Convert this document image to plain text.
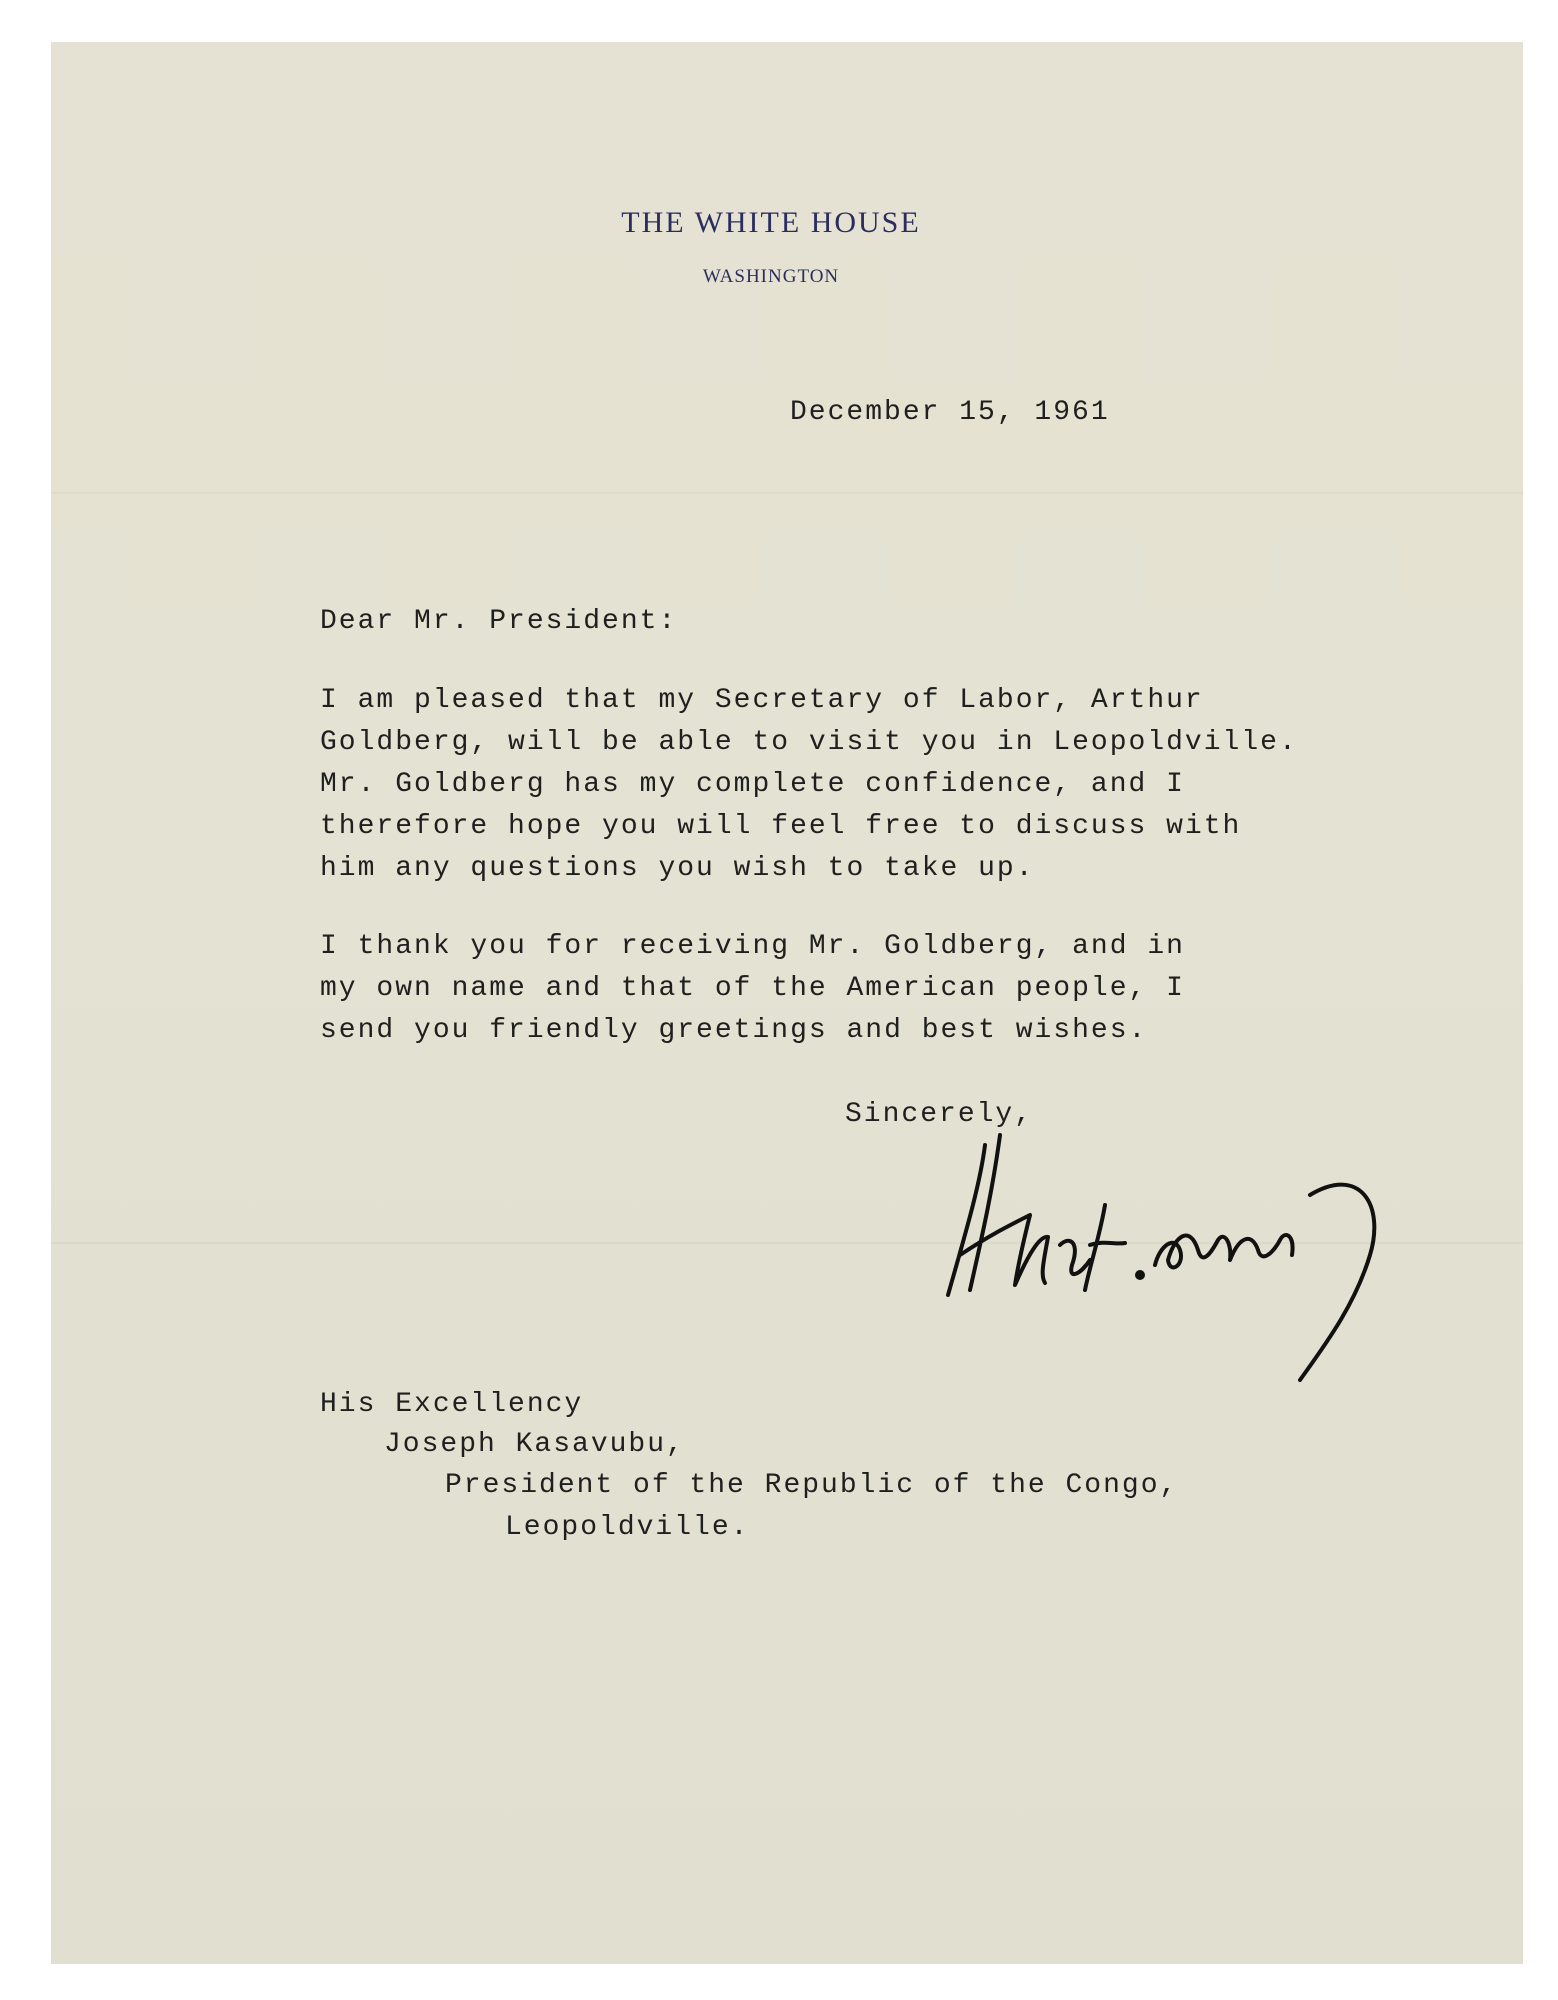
THE WHITE HOUSE
WASHINGTON
December 15, 1961
Dear Mr. President:
I am pleased that my Secretary of Labor, Arthur
Goldberg, will be able to visit you in Leopoldville.
Mr. Goldberg has my complete confidence, and I
therefore hope you will feel free to discuss with
him any questions you wish to take up.
I thank you for receiving Mr. Goldberg, and in
my own name and that of the American people, I
send you friendly greetings and best wishes.
Sincerely,
His Excellency
Joseph Kasavubu,
President of the Republic of the Congo,
Leopoldville.
